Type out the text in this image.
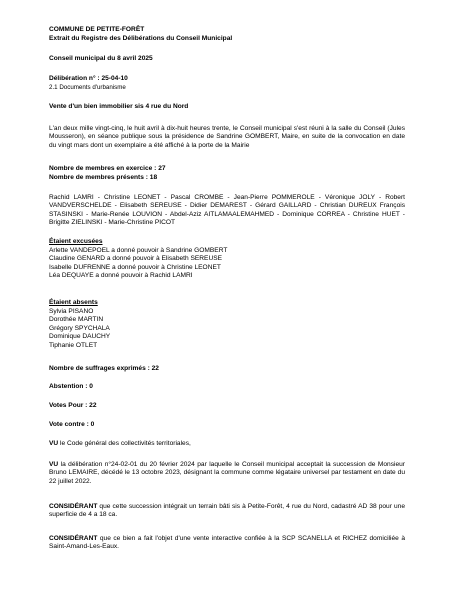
COMMUNE DE PETITE-FORÊT
Extrait du Registre des Délibérations du Conseil Municipal
Conseil municipal du 8 avril 2025
Délibération n° : 25-04-10
2.1 Documents d'urbanisme
Vente d'un bien immobilier sis 4 rue du Nord
L'an deux mille vingt-cinq, le huit avril à dix-huit heures trente, le Conseil municipal s'est réuni à la salle du Conseil (Jules Mousseron), en séance publique sous la présidence de Sandrine GOMBERT, Maire, en suite de la convocation en date du vingt mars dont un exemplaire a été affiché à la porte de la Mairie
Nombre de membres en exercice : 27
Nombre de membres présents : 18
Rachid LAMRI - Christine LEONET - Pascal CROMBE - Jean-Pierre POMMEROLE - Véronique JOLY - Robert VANDVERSCHELDE - Elisabeth SEREUSE - Didier DEMAREST - Gérard GAILLARD - Christian DUREUX François STASINSKI - Marie-Renée LOUVION - Abdel-Aziz AITLAMAALEMAHMED - Dominique CORREA - Christine HUET - Brigitte ZIELINSKI - Marie-Christine PICOT
Étaient excusées
Arlette VANDEPOEL a donné pouvoir à Sandrine GOMBERT
Claudine GENARD a donné pouvoir à Elisabeth SEREUSE
Isabelle DUFRENNE a donné pouvoir à Christine LEONET
Léa DEQUAYE a donné pouvoir à Rachid LAMRI
Étaient absents
Sylvia PISANO
Dorothée MARTIN
Grégory SPYCHALA
Dominique DAUCHY
Tiphanie OTLET
Nombre de suffrages exprimés : 22
Abstention : 0
Votes Pour : 22
Vote contre : 0
VU le Code général des collectivités territoriales,
VU la délibération n°24-02-01 du 20 février 2024 par laquelle le Conseil municipal acceptait la succession de Monsieur Bruno LEMAIRE, décédé le 13 octobre 2023, désignant la commune comme légataire universel par testament en date du 22 juillet 2022.
CONSIDÉRANT que cette succession intégrait un terrain bâti sis à Petite-Forêt, 4 rue du Nord, cadastré AD 38 pour une superficie de 4 a 18 ca.
CONSIDÉRANT que ce bien a fait l'objet d'une vente interactive confiée à la SCP SCANELLA et RICHEZ domiciliée à Saint-Amand-Les-Eaux.
